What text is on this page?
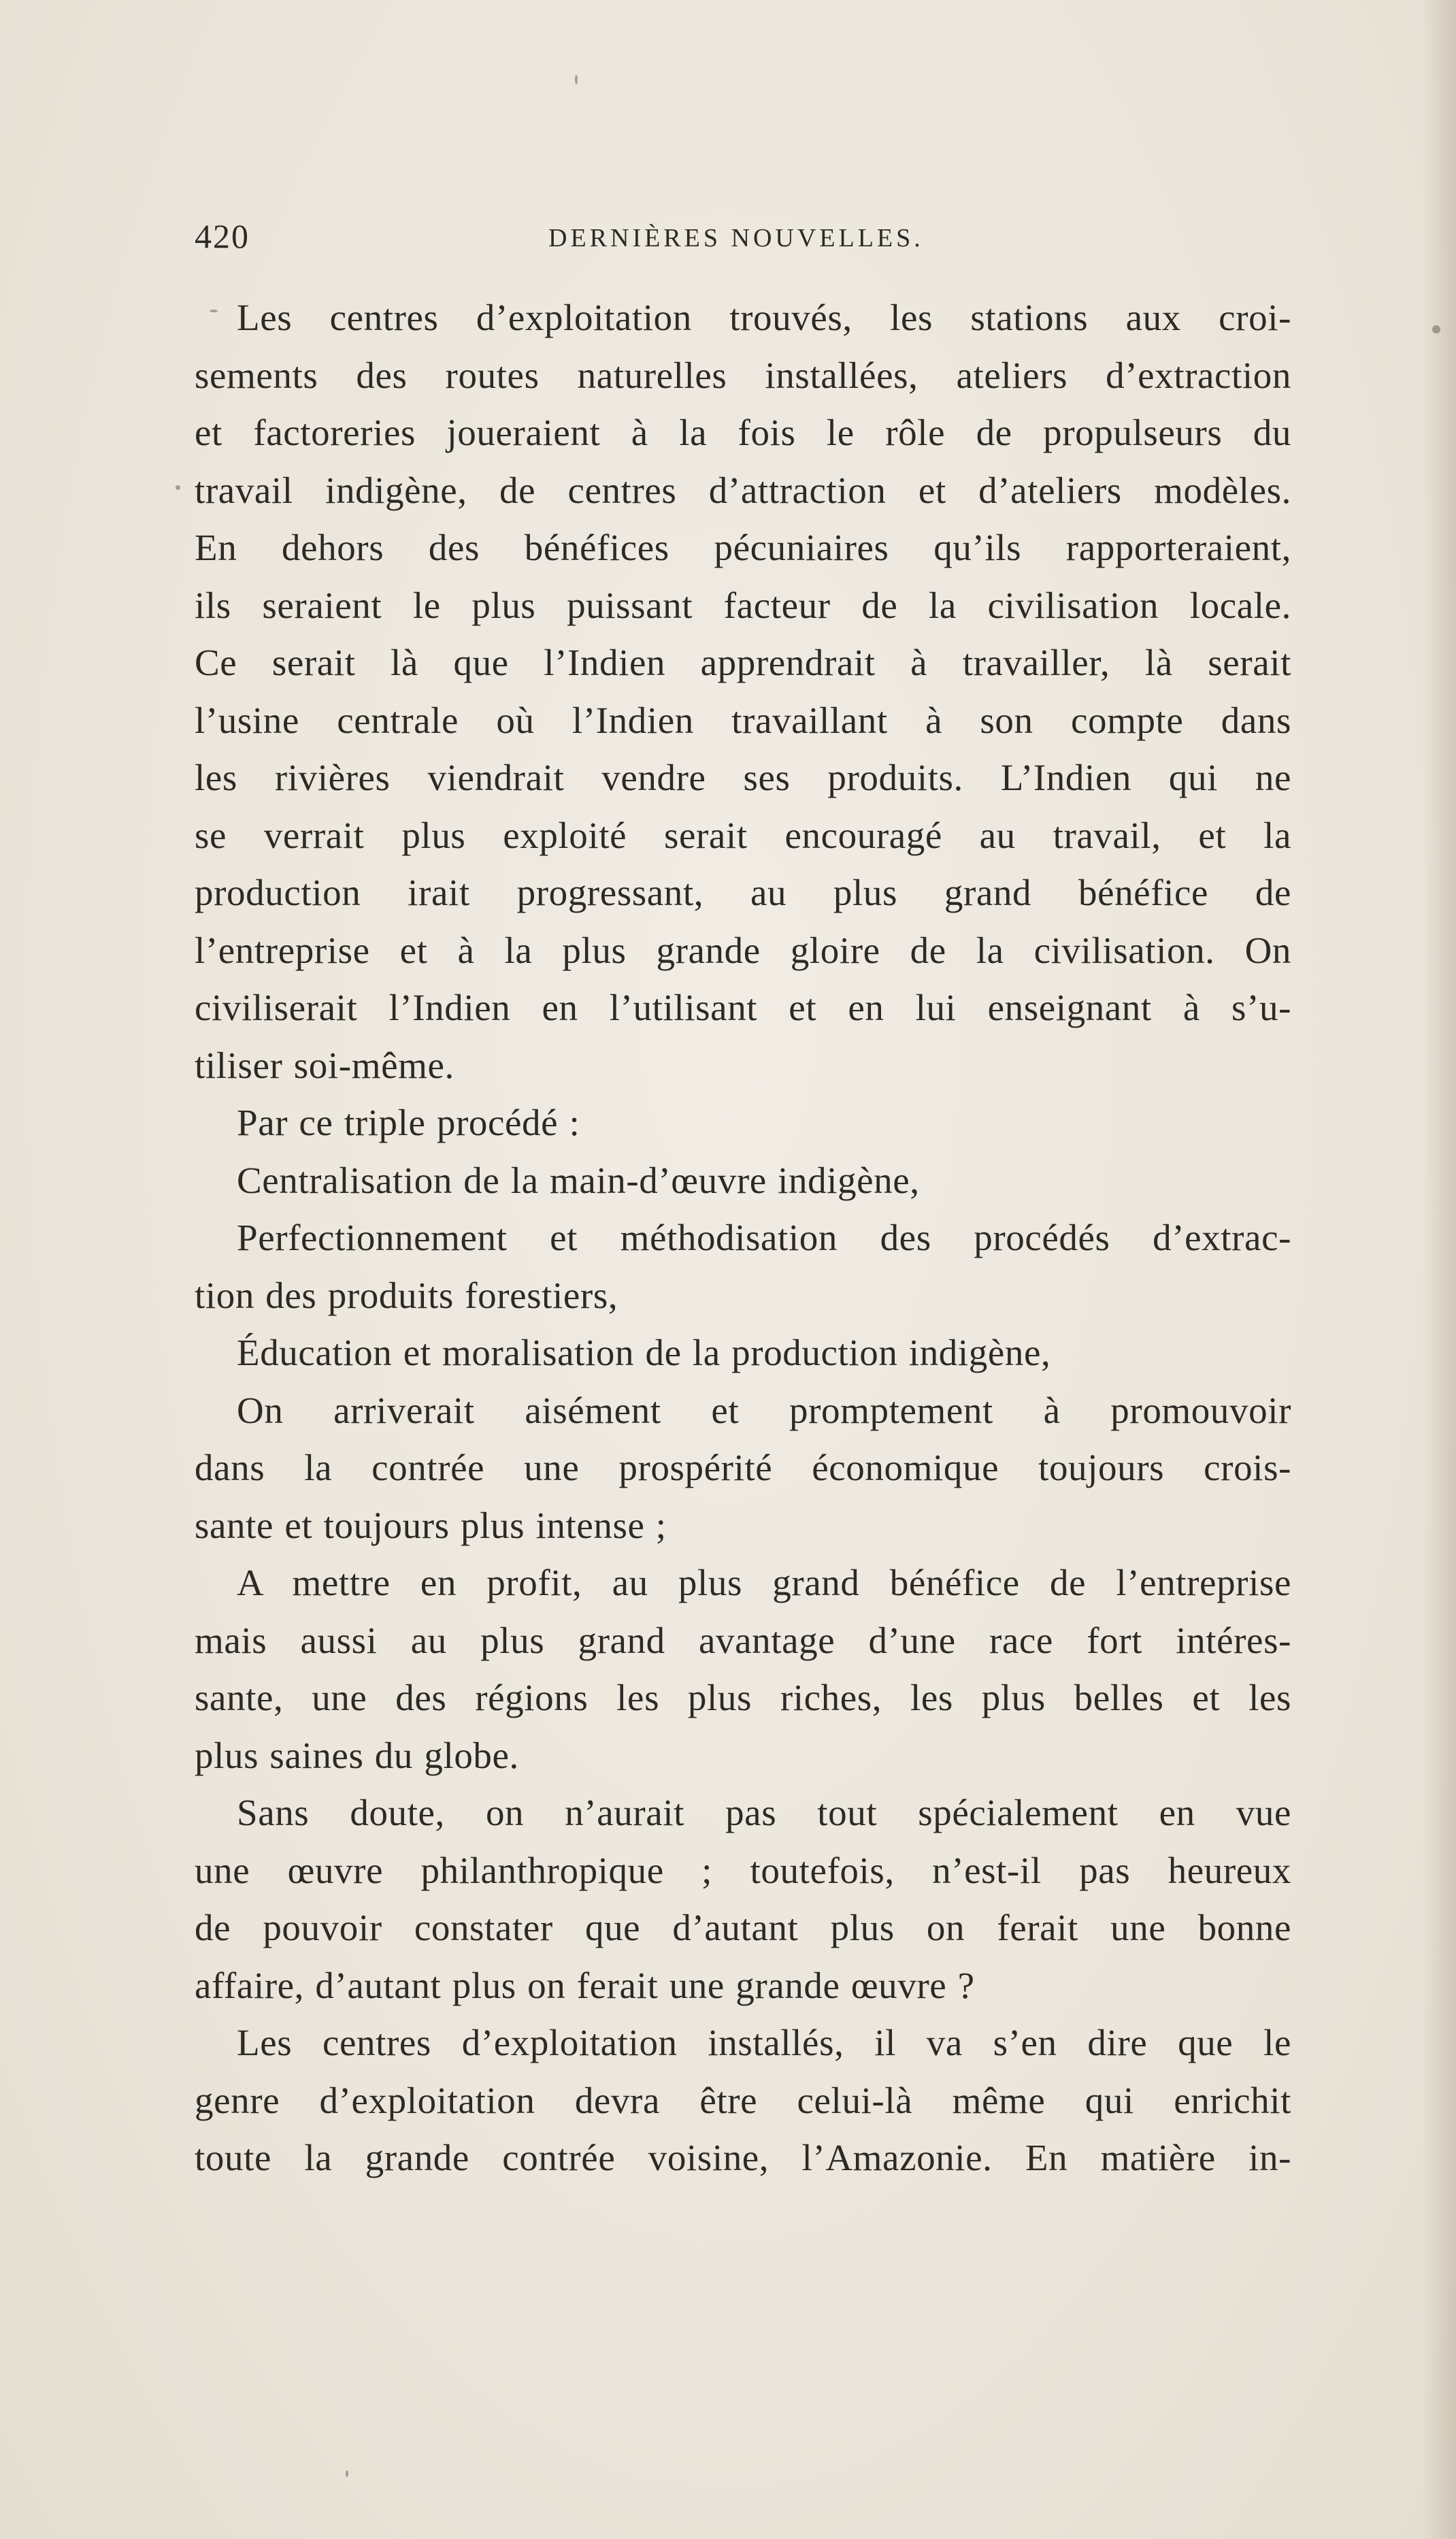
420	DERNIÈRES NOUVELLES.
Les centres d’exploitation trouvés, les stations aux croi-
sements des routes naturelles installées, ateliers d’extraction
et factoreries joueraient à la fois le rôle de propulseurs du
travail indigène, de centres d’attraction et d’ateliers modèles.
En dehors des bénéfices pécuniaires qu’ils rapporteraient,
ils seraient le plus puissant facteur de la civilisation locale.
Ce serait là que l’Indien apprendrait à travailler, là serait
l’usine centrale où l’Indien travaillant à son compte dans
les rivières viendrait vendre ses produits. L’Indien qui ne
se verrait plus exploité serait encouragé au travail, et la
production irait progressant, au plus grand bénéfice de
l’entreprise et à la plus grande gloire de la civilisation. On
civiliserait l’Indien en l’utilisant et en lui enseignant à s’u-
tiliser soi-même.
Par ce triple procédé :
Centralisation de la main-d’œuvre indigène,
Perfectionnement et méthodisation des procédés d’extrac-
tion des produits forestiers,
Éducation et moralisation de la production indigène,
On arriverait aisément et promptement à promouvoir
dans la contrée une prospérité économique toujours crois-
sante et toujours plus intense ;
A mettre en profit, au plus grand bénéfice de l’entreprise
mais aussi au plus grand avantage d’une race fort intéres-
sante, une des régions les plus riches, les plus belles et les
plus saines du globe.
Sans doute, on n’aurait pas tout spécialement en vue
une œuvre philanthropique ; toutefois, n’est-il pas heureux
de pouvoir constater que d’autant plus on ferait une bonne
affaire, d’autant plus on ferait une grande œuvre ?
Les centres d’exploitation installés, il va s’en dire que le
genre d’exploitation devra être celui-là même qui enrichit
toute la grande contrée voisine, l’Amazonie. En matière in-
